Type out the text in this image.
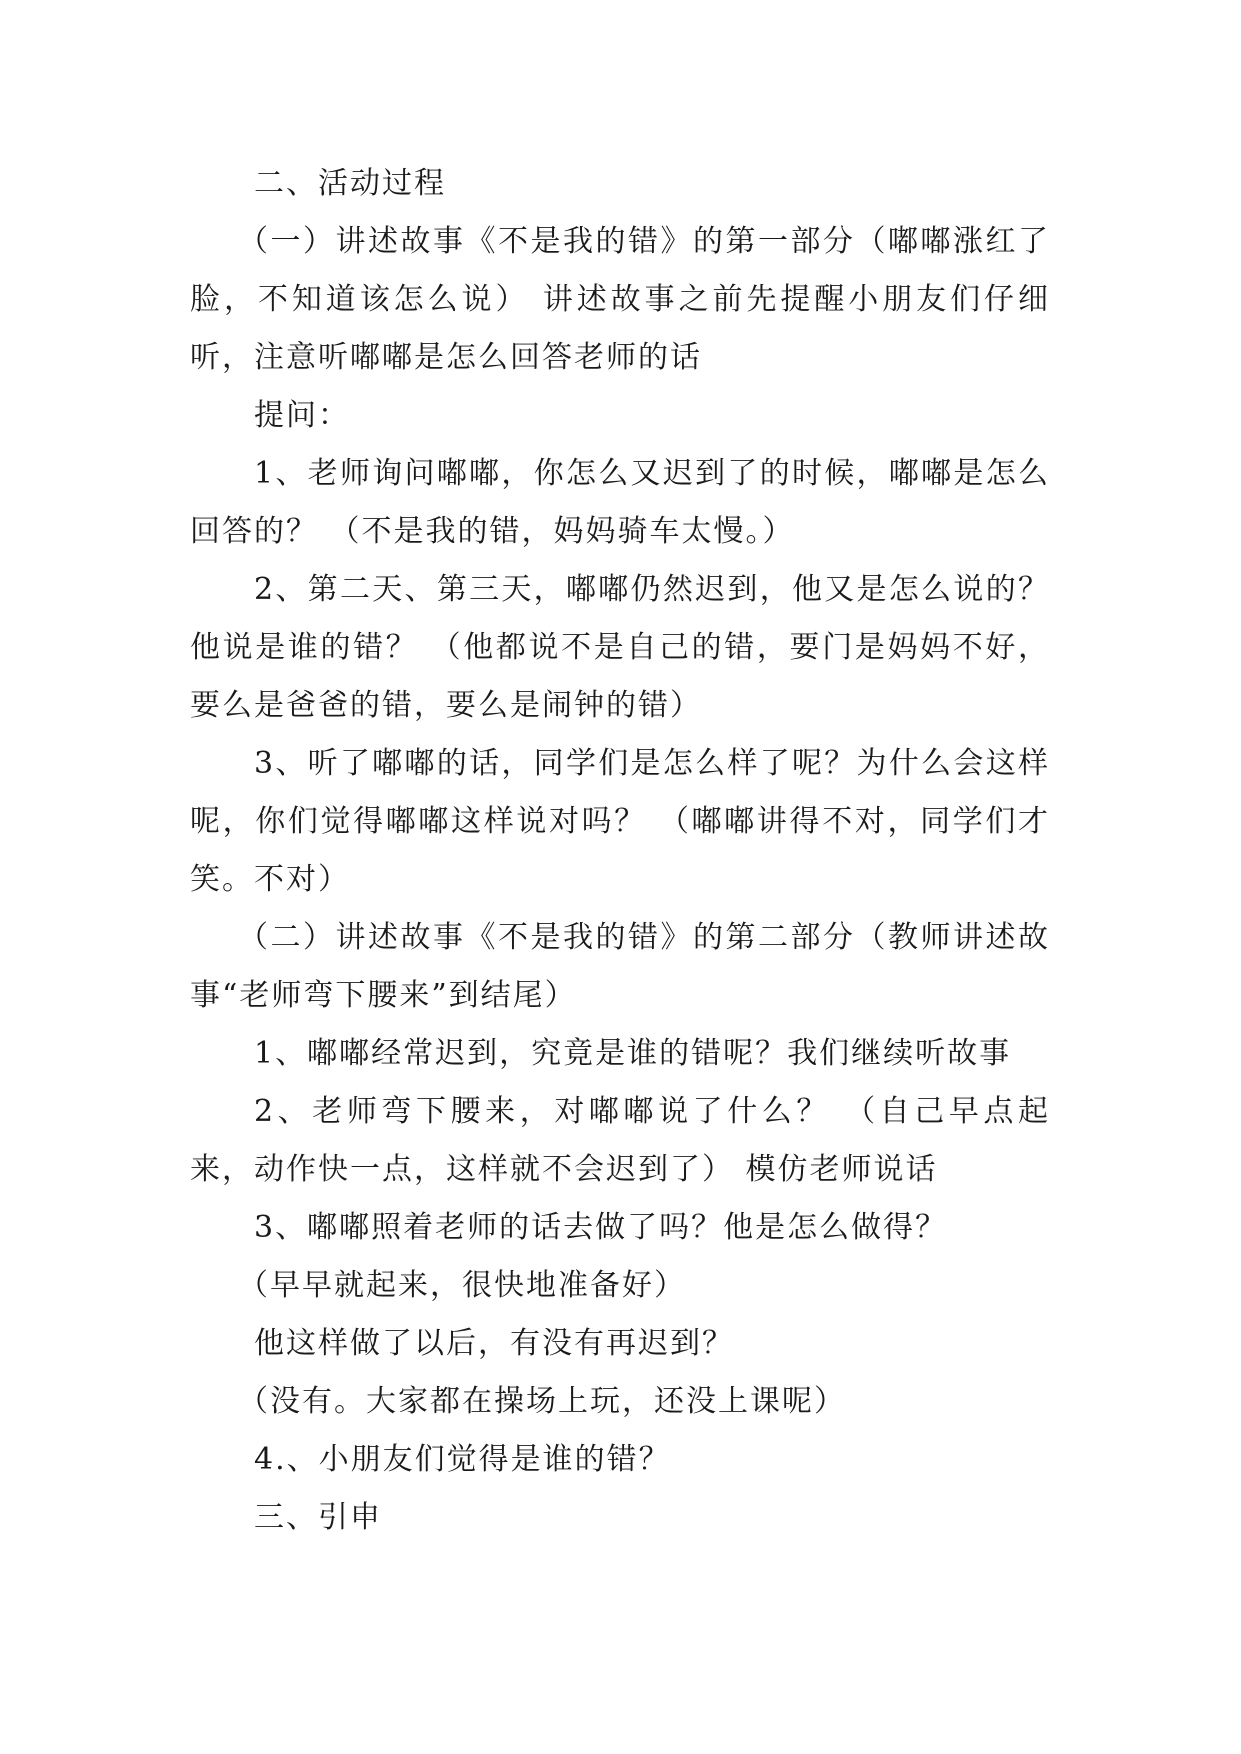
二、活动过程

（一）讲述故事《不是我的错》的第一部分（嘟嘟涨红了脸，不知道该怎么说） 讲述故事之前先提醒小朋友们仔细听，注意听嘟嘟是怎么回答老师的话

提问：

1、老师询问嘟嘟，你怎么又迟到了的时候，嘟嘟是怎么回答的？ （不是我的错，妈妈骑车太慢。）

2、第二天、第三天，嘟嘟仍然迟到，他又是怎么说的？他说是谁的错？ （他都说不是自己的错，要门是妈妈不好，要么是爸爸的错，要么是闹钟的错）

3、听了嘟嘟的话，同学们是怎么样了呢？为什么会这样呢，你们觉得嘟嘟这样说对吗？ （嘟嘟讲得不对，同学们才笑。不对）

（二）讲述故事《不是我的错》的第二部分（教师讲述故事“老师弯下腰来”到结尾）

1、嘟嘟经常迟到，究竟是谁的错呢？我们继续听故事

2、老师弯下腰来，对嘟嘟说了什么？ （自己早点起来，动作快一点，这样就不会迟到了） 模仿老师说话

3、嘟嘟照着老师的话去做了吗？他是怎么做得？

（早早就起来，很快地准备好）

他这样做了以后，有没有再迟到？

（没有。大家都在操场上玩，还没上课呢）

4.、小朋友们觉得是谁的错？

三、引申
